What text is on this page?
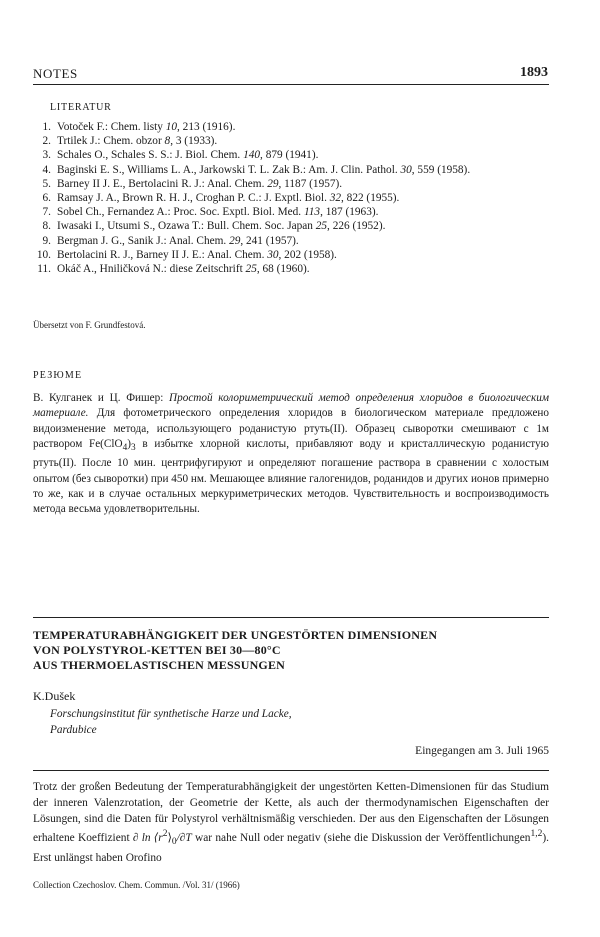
NOTES	1893
LITERATUR
1. Votoček F.: Chem. listy 10, 213 (1916).
2. Trtilek J.: Chem. obzor 8, 3 (1933).
3. Schales O., Schales S. S.: J. Biol. Chem. 140, 879 (1941).
4. Baginski E. S., Williams L. A., Jarkowski T. L. Zak B.: Am. J. Clin. Pathol. 30, 559 (1958).
5. Barney II J. E., Bertolacini R. J.: Anal. Chem. 29, 1187 (1957).
6. Ramsay J. A., Brown R. H. J., Croghan P. C.: J. Exptl. Biol. 32, 822 (1955).
7. Sobel Ch., Fernandez A.: Proc. Soc. Exptl. Biol. Med. 113, 187 (1963).
8. Iwasaki I., Utsumi S., Ozawa T.: Bull. Chem. Soc. Japan 25, 226 (1952).
9. Bergman J. G., Sanik J.: Anal. Chem. 29, 241 (1957).
10. Bertolacini R. J., Barney II J. E.: Anal. Chem. 30, 202 (1958).
11. Okáč A., Hniličková N.: diese Zeitschrift 25, 68 (1960).
Übersetzt von F. Grundfestová.
РЕЗЮМЕ
В. Кулганек и Ц. Фишер: Простой колориметрический метод определения хлоридов в биологическим материале. Для фотометрического определения хлоридов в биологическом материале предложено видоизменение метода, использующего роданистую ртуть(II). Образец сыворотки смешивают с 1м раствором $Fe(ClO_4)_3$ в избытке хлорной кислоты, прибавляют воду и кристаллическую роданистую ртуть(II). После 10 мин. центрифугируют и определяют погашение раствора в сравнении с холостым опытом (без сыворотки) при 450 нм. Мешающее влияние галогенидов, роданидов и других ионов примерно то же, как и в случае остальных меркуриметрических методов. Чувствительность и воспроизводимость метода весьма удовлетворительны.
TEMPERATURABHÄNGIGKEIT DER UNGESTÖRTEN DIMENSIONEN
VON POLYSTYROL-KETTEN BEI 30—80°C
AUS THERMOELASTISCHEN MESSUNGEN
K.Dušek
Forschungsinstitut für synthetische Harze und Lacke,
Pardubice
Eingegangen am 3. Juli 1965
Trotz der großen Bedeutung der Temperaturabhängigkeit der ungestörten Ketten-Dimensionen für das Studium der inneren Valenzrotation, der Geometrie der Kette, als auch der thermodynamischen Eigenschaften der Lösungen, sind die Daten für Polystyrol verhältnismäßig verschieden. Der aus den Eigenschaften der Lösungen erhaltene Koeffizient ∂ $\ln ⟨r^2⟩_0/\partial T$ war nahe Null oder negativ (siehe die Diskussion der Veröffentlichungen$^{1,2}$). Erst unlängst haben Orofino
Collection Czechoslov. Chem. Commun. /Vol. 31/ (1966)
